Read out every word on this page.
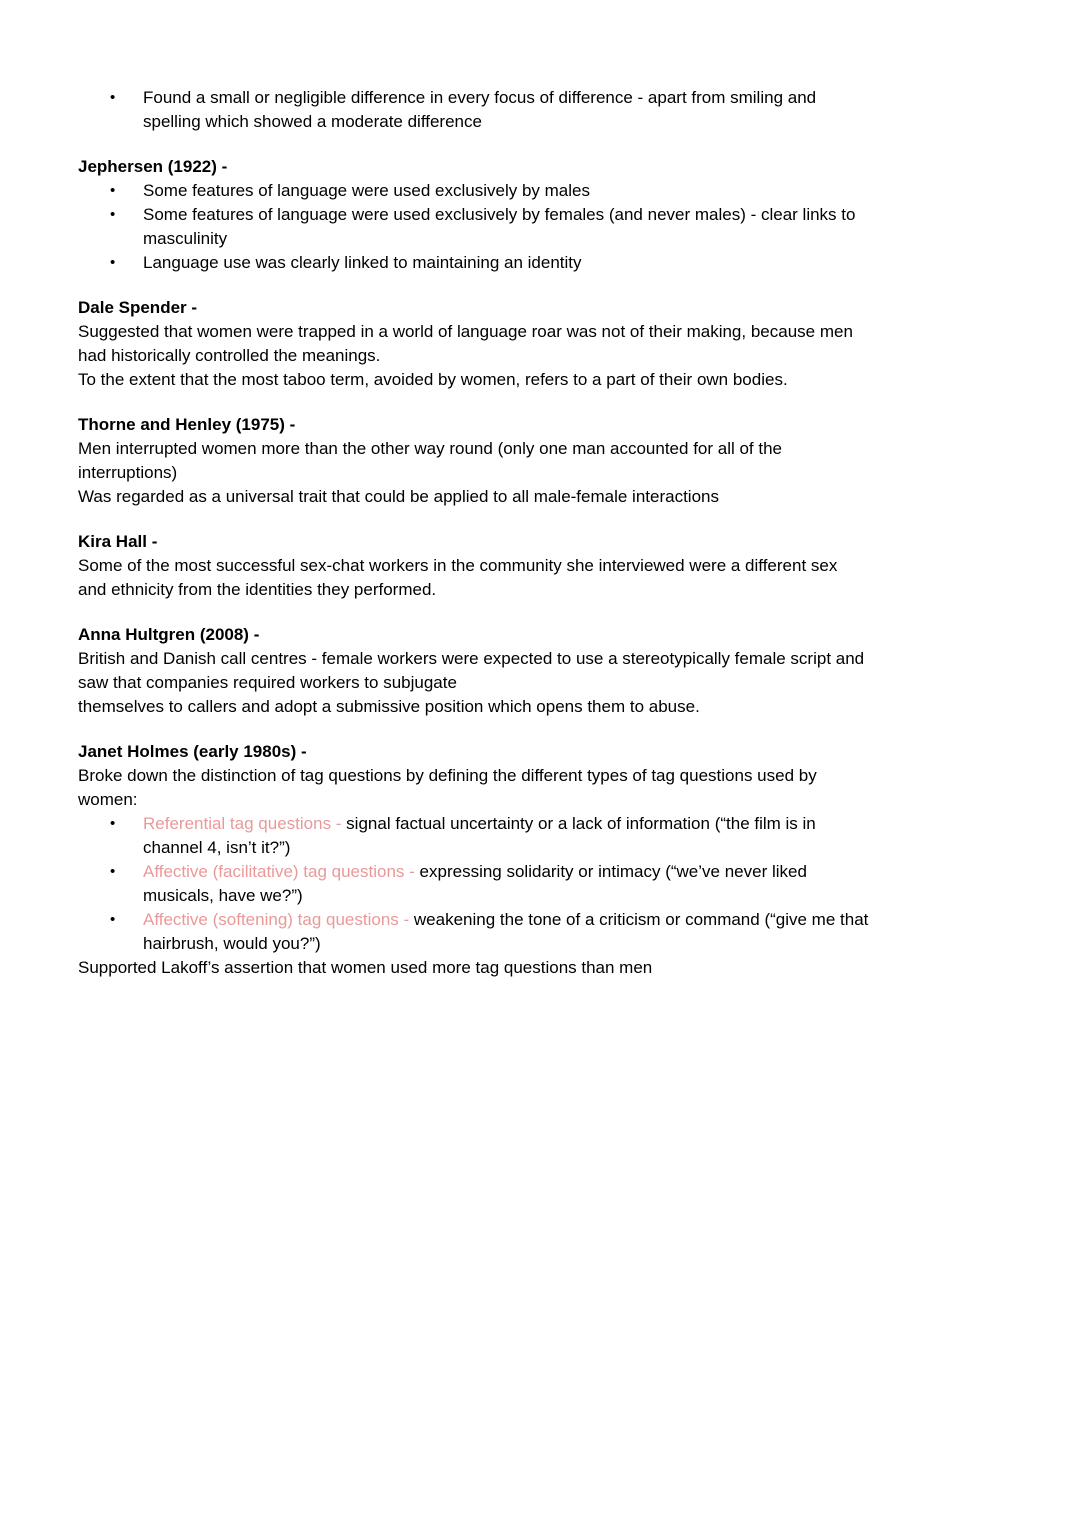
•	Found a small or negligible difference in every focus of difference - apart from smiling and
spelling which showed a moderate difference
Jephersen (1922) -
•	Some features of language were used exclusively by males
•	Some features of language were used exclusively by females (and never males) - clear links to
masculinity
•	Language use was clearly linked to maintaining an identity
Dale Spender -
Suggested that women were trapped in a world of language roar was not of their making, because men
had historically controlled the meanings.
To the extent that the most taboo term, avoided by women, refers to a part of their own bodies.
Thorne and Henley (1975) -
Men interrupted women more than the other way round (only one man accounted for all of the
interruptions)
Was regarded as a universal trait that could be applied to all male-female interactions
Kira Hall -
Some of the most successful sex-chat workers in the community she interviewed were a different sex
and ethnicity from the identities they performed.
Anna Hultgren (2008) -
British and Danish call centres - female workers were expected to use a stereotypically female script and
saw that companies required workers to subjugate
themselves to callers and adopt a submissive position which opens them to abuse.
Janet Holmes (early 1980s) -
Broke down the distinction of tag questions by defining the different types of tag questions used by
women:
•	Referential tag questions - signal factual uncertainty or a lack of information (“the film is in
channel 4, isn’t it?”)
•	Affective (facilitative) tag questions - expressing solidarity or intimacy (“we’ve never liked
musicals, have we?”)
•	Affective (softening) tag questions - weakening the tone of a criticism or command (“give me that
hairbrush, would you?”)
Supported Lakoff’s assertion that women used more tag questions than men
